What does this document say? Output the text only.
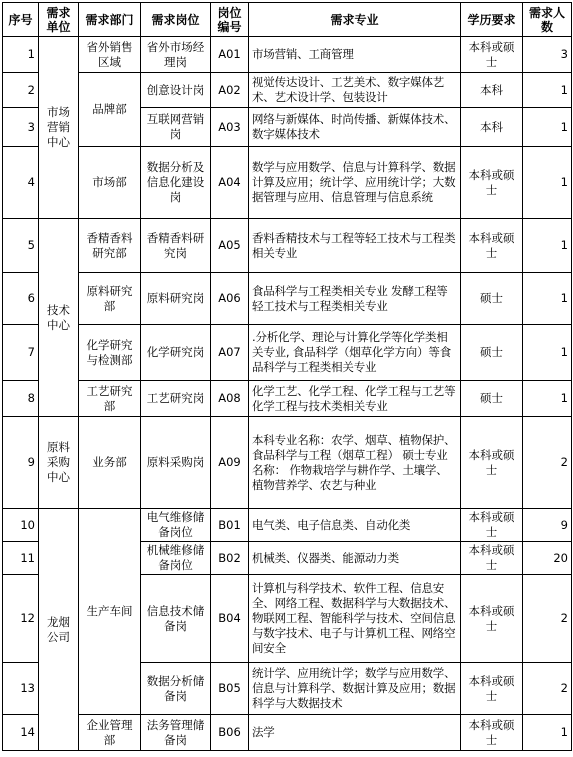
序号	需求单位	需求部门	需求岗位	岗位编号	需求专业	学历要求	需求人数
1	市场营销中心	省外销售区域	省外市场经理岗	A01	市场营销、工商管理	本科或硕士	3
2		品牌部	创意设计岗	A02	视觉传达设计、工艺美术、数字媒体艺术、艺术设计学、包装设计	本科	1
3			互联网营销岗	A03	网络与新媒体、时尚传播、新媒体技术、数字媒体技术	本科	1
4		市场部	数据分析及信息化建设岗	A04	数学与应用数学、信息与计算科学、数据计算及应用；统计学、应用统计学；大数据管理与应用、信息管理与信息系统	本科或硕士	1
5	技术中心	香精香料研究部	香精香料研究岗	A05	香料香精技术与工程等轻工技术与工程类相关专业	本科或硕士	1
6		原料研究部	原料研究岗	A06	食品科学与工程类相关专业 发酵工程等轻工技术与工程类相关专业	硕士	1
7		化学研究与检测部	化学研究岗	A07	.分析化学、理论与计算化学等化学类相关专业, 食品科学（烟草化学方向）等食品科学与工程类相关专业	硕士	1
8		工艺研究部	工艺研究岗	A08	化学工艺、化学工程、化学工程与工艺等化学工程与技术类相关专业	硕士	1
9	原料采购中心	业务部	原料采购岗	A09	本科专业名称：农学、烟草、植物保护、食品科学与工程（烟草工程） 硕士专业名称： 作物栽培学与耕作学、土壤学、植物营养学、农艺与种业	本科或硕士	2
10	龙烟公司	生产车间	电气维修储备岗位	B01	电气类、电子信息类、自动化类	本科或硕士	9
11			机械维修储备岗位	B02	机械类、仪器类、能源动力类	本科或硕士	20
12			信息技术储备岗	B04	计算机与科学技术、软件工程、信息安全、网络工程、数据科学与大数据技术、物联网工程、智能科学与技术、空间信息与数字技术、电子与计算机工程、网络空间安全	本科或硕士	2
13			数据分析储备岗	B05	统计学、应用统计学；数学与应用数学、信息与计算科学、数据计算及应用；数据科学与大数据技术	本科或硕士	2
14		企业管理部	法务管理储备岗	B06	法学	本科或硕士	1
